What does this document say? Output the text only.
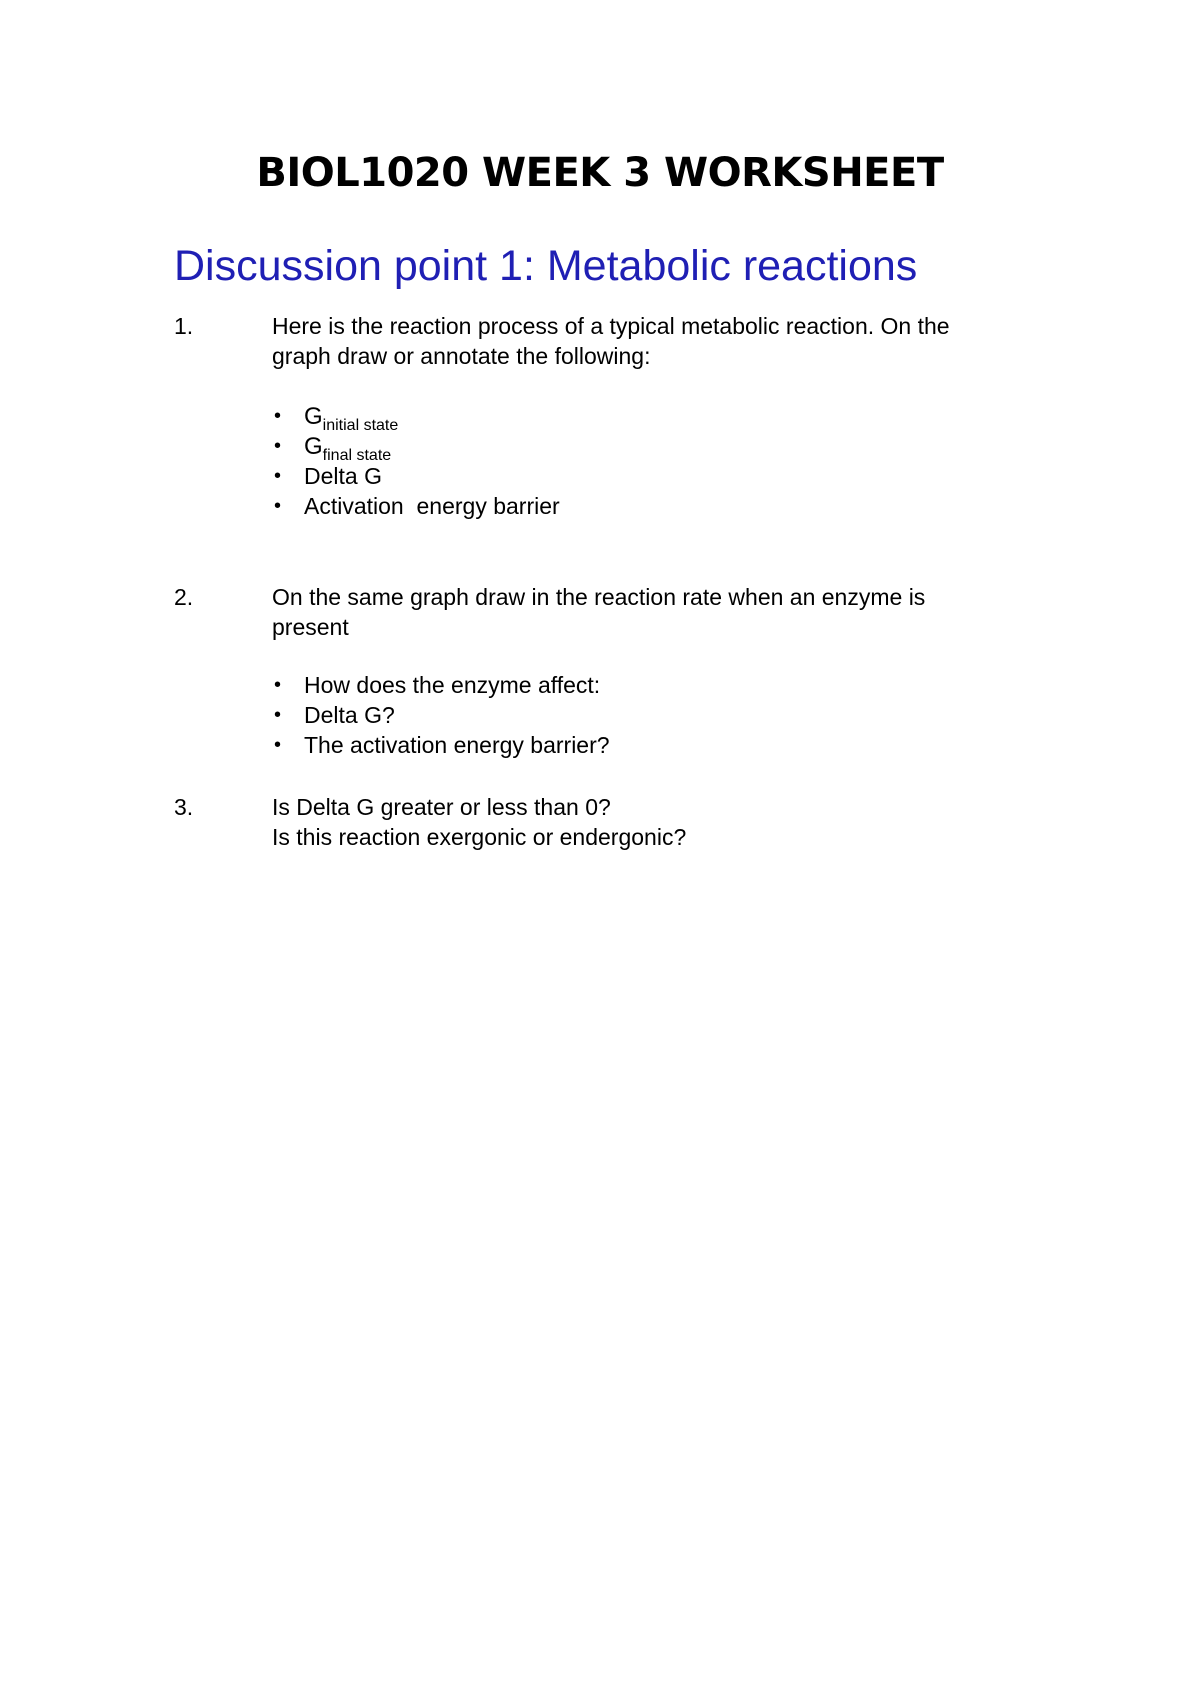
BIOL1020 WEEK 3 WORKSHEET
Discussion point 1: Metabolic reactions
1.	Here is the reaction process of a typical metabolic reaction. On the
graph draw or annotate the following:
• $G_{initial state}$
• $G_{final state}$
• Delta G
• Activation  energy barrier
2.	On the same graph draw in the reaction rate when an enzyme is
present
• How does the enzyme affect:
• Delta G?
• The activation energy barrier?
3.	Is Delta G greater or less than 0?
Is this reaction exergonic or endergonic?
